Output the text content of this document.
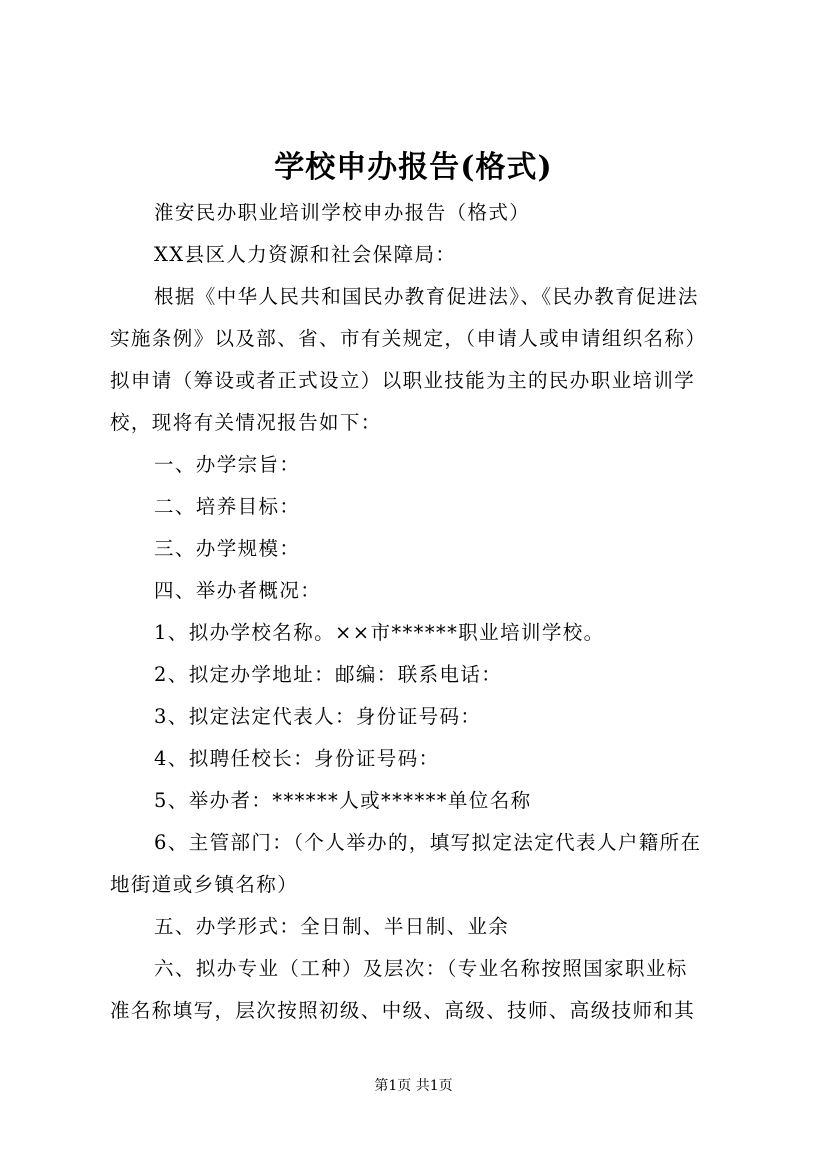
学校申办报告(格式)

淮安民办职业培训学校申办报告（格式）

XX县区人力资源和社会保障局：

根据《中华人民共和国民办教育促进法》、《民办教育促进法

实施条例》以及部、省、市有关规定，（申请人或申请组织名称）

拟申请（筹设或者正式设立）以职业技能为主的民办职业培训学

校，现将有关情况报告如下：

一、办学宗旨：

二、培养目标：

三、办学规模：

四、举办者概况：

1、拟办学校名称。××市******职业培训学校。

2、拟定办学地址：邮编：联系电话：

3、拟定法定代表人：身份证号码：

4、拟聘任校长：身份证号码：

5、举办者：******人或******单位名称

6、主管部门：（个人举办的，填写拟定法定代表人户籍所在

地街道或乡镇名称）

五、办学形式：全日制、半日制、业余

六、拟办专业（工种）及层次：（专业名称按照国家职业标

准名称填写，层次按照初级、中级、高级、技师、高级技师和其

第1页 共1页
